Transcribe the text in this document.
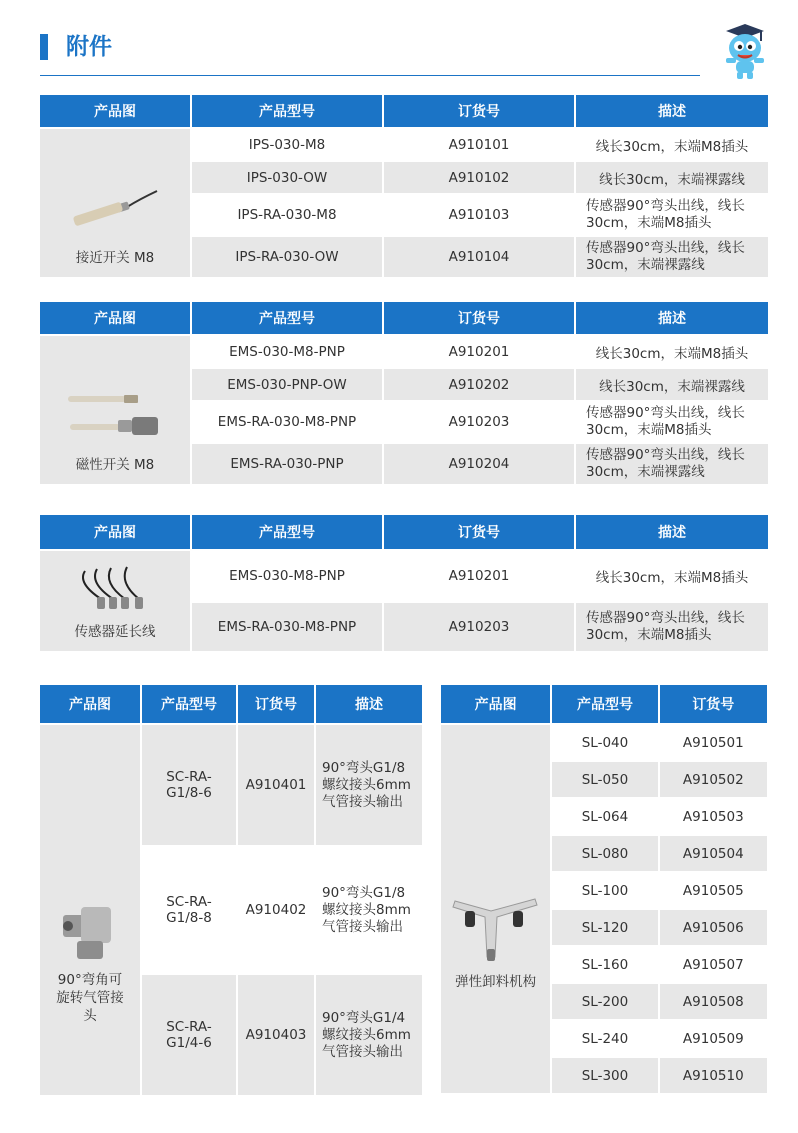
附件
产品图	产品型号	订货号	描述

接近开关 M8	IPS-030-M8	A910101	线长30cm，末端M8插头
	IPS-030-OW	A910102	线长30cm，末端裸露线
	IPS-RA-030-M8	A910103	传感器90°弯头出线，线长30cm，末端M8插头
	IPS-RA-030-OW	A910104	传感器90°弯头出线，线长30cm，末端裸露线
产品图	产品型号	订货号	描述

磁性开关 M8	EMS-030-M8-PNP	A910201	线长30cm，末端M8插头
	EMS-030-PNP-OW	A910202	线长30cm，末端裸露线
	EMS-RA-030-M8-PNP	A910203	传感器90°弯头出线，线长30cm，末端M8插头
	EMS-RA-030-PNP	A910204	传感器90°弯头出线，线长30cm，末端裸露线
产品图	产品型号	订货号	描述

传感器延长线	EMS-030-M8-PNP	A910201	线长30cm，末端M8插头
	EMS-RA-030-M8-PNP	A910203	传感器90°弯头出线，线长30cm，末端M8插头
产品图	产品型号	订货号	描述

90°弯角可旋转气管接头	SC-RA-G1/8-6	A910401	90°弯头G1/8螺纹接头6mm气管接头输出
	SC-RA-G1/8-8	A910402	90°弯头G1/8螺纹接头8mm气管接头输出
	SC-RA-G1/4-6	A910403	90°弯头G1/4螺纹接头6mm气管接头输出
产品图	产品型号	订货号

弹性卸料机构	SL-040	A910501
	SL-050	A910502
	SL-064	A910503
	SL-080	A910504
	SL-100	A910505
	SL-120	A910506
	SL-160	A910507
	SL-200	A910508
	SL-240	A910509
	SL-300	A910510
